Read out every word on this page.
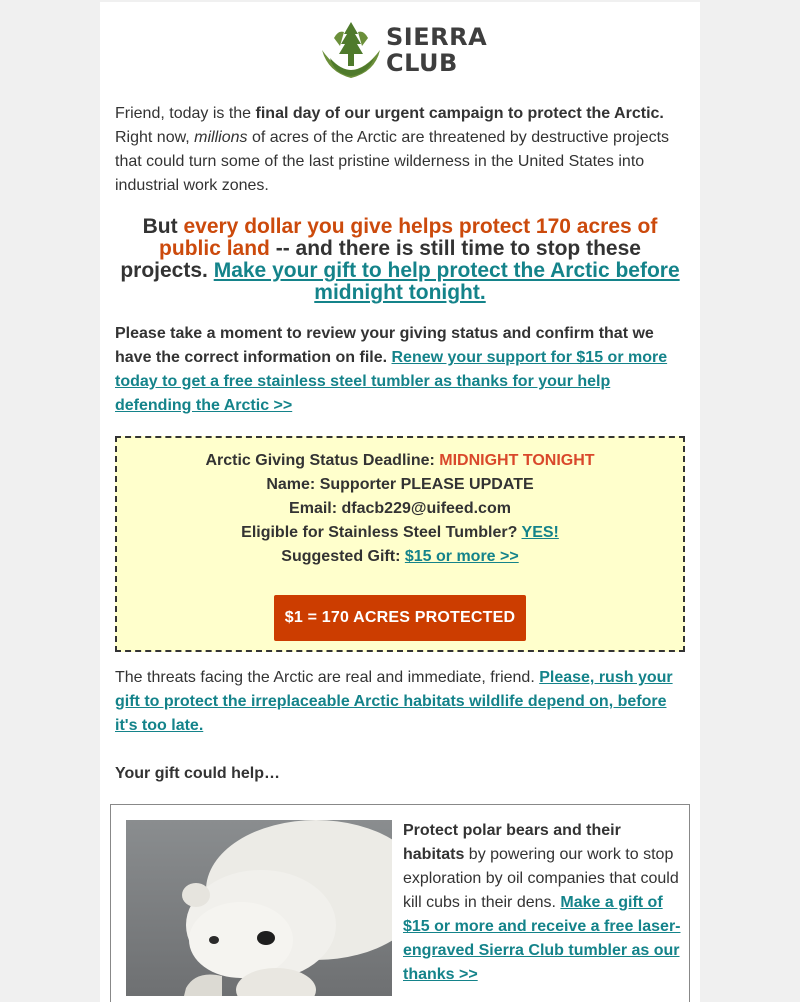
SIERRA
CLUB
Friend, today is the final day of our urgent campaign to protect the Arctic. Right now, millions of acres of the Arctic are threatened by destructive projects that could turn some of the last pristine wilderness in the United States into industrial work zones.
But every dollar you give helps protect 170 acres of public land -- and there is still time to stop these projects. Make your gift to help protect the Arctic before midnight tonight.
Please take a moment to review your giving status and confirm that we have the correct information on file. Renew your support for $15 or more today to get a free stainless steel tumbler as thanks for your help defending the Arctic >>
Arctic Giving Status Deadline: MIDNIGHT TONIGHT
Name: Supporter PLEASE UPDATE
Email: dfacb229@uifeed.com
Eligible for Stainless Steel Tumbler? YES!
Suggested Gift: $15 or more >>
$1 = 170 ACRES PROTECTED
The threats facing the Arctic are real and immediate, friend. Please, rush your gift to protect the irreplaceable Arctic habitats wildlife depend on, before it's too late.
Your gift could help…
Protect polar bears and their habitats by powering our work to stop exploration by oil companies that could kill cubs in their dens. Make a gift of $15 or more and receive a free laser-engraved Sierra Club tumbler as our thanks >>
